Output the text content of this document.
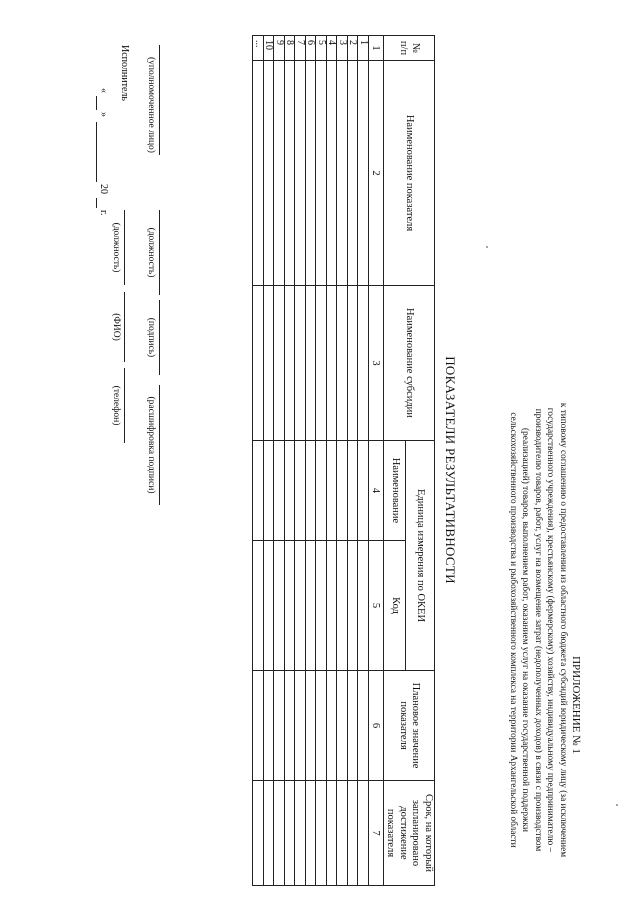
ПРИЛОЖЕНИЕ № 1
к типовому соглашению о предоставлении из областного бюджета субсидий юридическому лицу (за исключением
государственного учреждения), крестьянскому (фермерскому) хозяйству, индивидуальному предпринимателю –
производителю товаров, работ, услуг на возмещение затрат (недополученных доходов) в связи с производством
(реализацией) товаров, выполнением работ, оказанием услуг на оказание государственной поддержки
сельскохозяйственного производства и рыбохозяйственного комплекса на территории Архангельской области
ПОКАЗАТЕЛИ РЕЗУЛЬТАТИВНОСТИ
№ п/п	Наименование показателя	Наименование субсидии	Единица измерения по ОКЕИ		Плановое значение показателя	Срок, на который запланировано достижение показателя
			Наименование	Код		
1	2	3	4	5	6	7
1						
2						
3						
4						
5						
6						
7						
8						
9						
10						
...						
(уполномоченное лицо)
(должность)
(подпись)
(расшифровка подписи)
Исполнитель
(должность)
(ФИО)
(телефон)
«
»
20
г.
